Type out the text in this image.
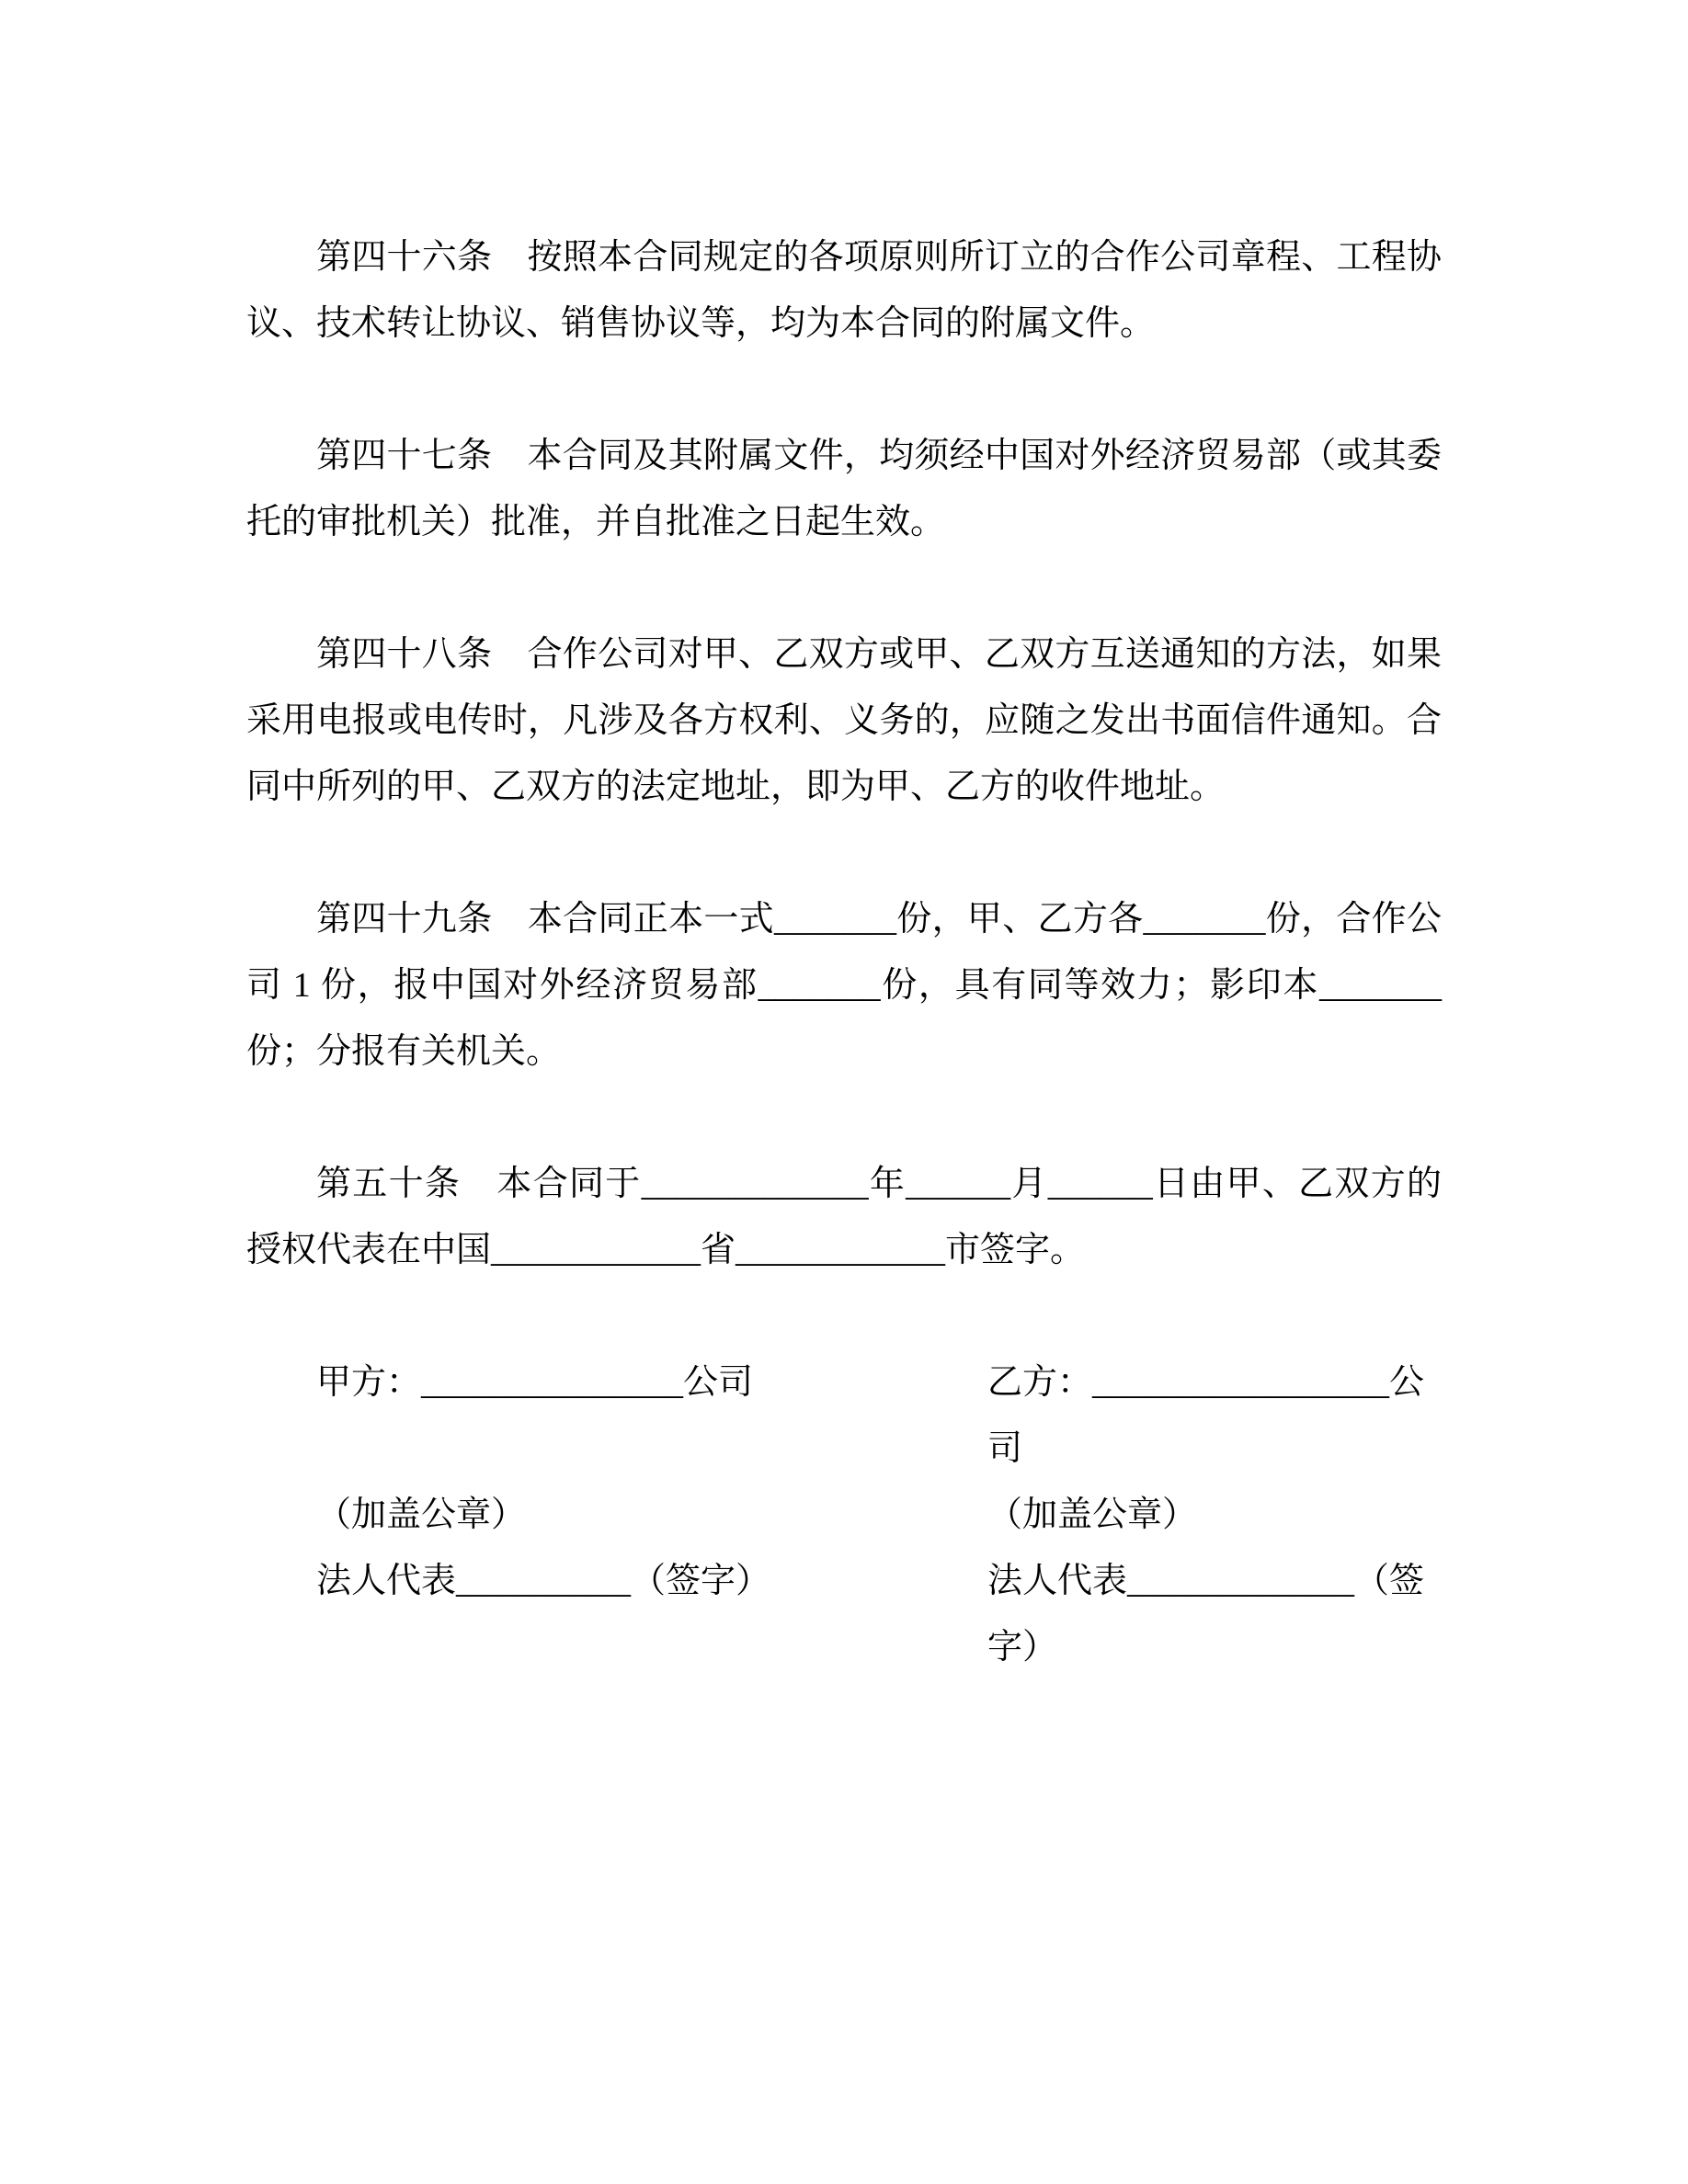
第四十六条　按照本合同规定的各项原则所订立的合作公司章程、工程协议、技术转让协议、销售协议等，均为本合同的附属文件。

第四十七条　本合同及其附属文件，均须经中国对外经济贸易部（或其委托的审批机关）批准，并自批准之日起生效。

第四十八条　合作公司对甲、乙双方或甲、乙双方互送通知的方法，如果采用电报或电传时，凡涉及各方权利、义务的，应随之发出书面信件通知。合同中所列的甲、乙双方的法定地址，即为甲、乙方的收件地址。

第四十九条　本合同正本一式_______份，甲、乙方各_______份，合作公司 1 份，报中国对外经济贸易部_______份，具有同等效力；影印本_______份；分报有关机关。

第五十条　本合同于_____________年______月______日由甲、乙双方的授权代表在中国____________省____________市签字。

甲方：_______________公司	乙方：_________________公司
（加盖公章）	（加盖公章）
法人代表__________（签字）	法人代表_____________（签字）
